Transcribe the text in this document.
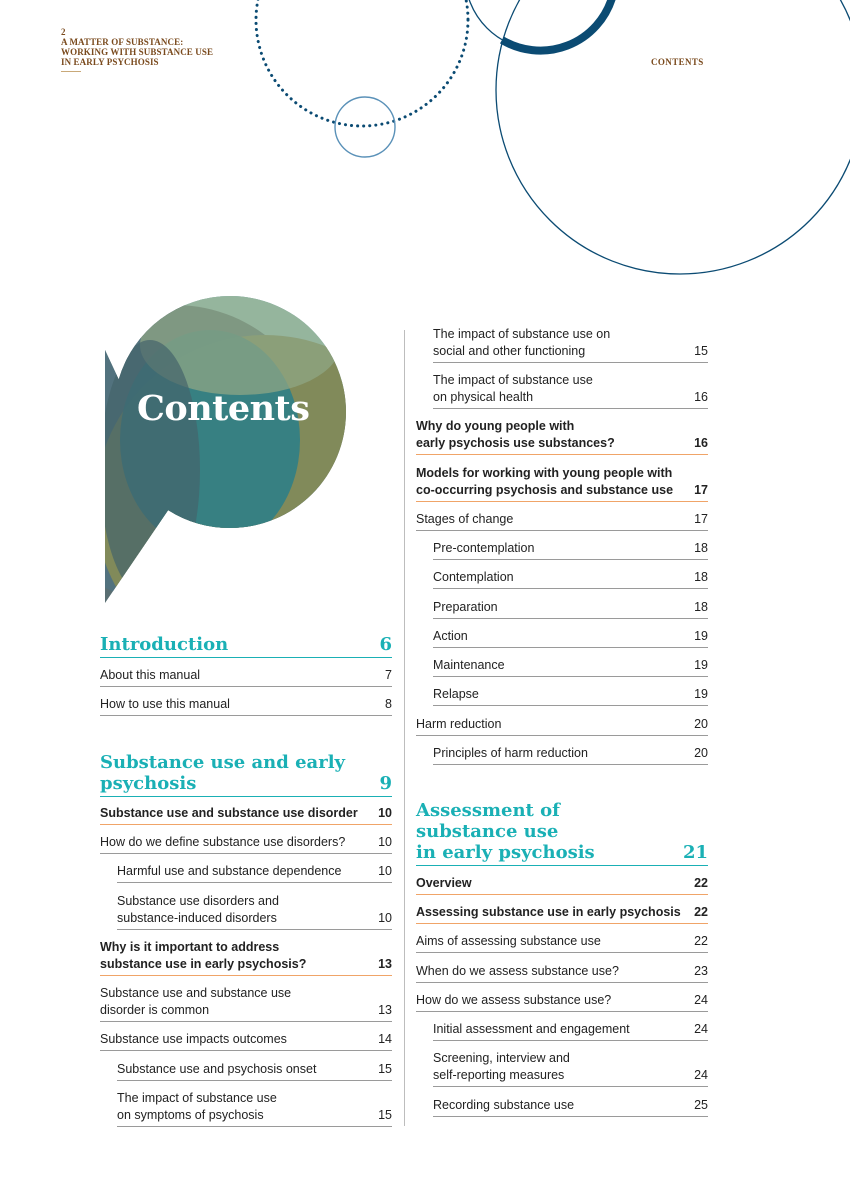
2
A MATTER OF SUBSTANCE:
WORKING WITH SUBSTANCE USE
IN EARLY PSYCHOSIS	CONTENTS
Contents
Introduction	6
About this manual	7
How to use this manual	8
Substance use and early
psychosis	9
Substance use and substance use disorder	10
How do we define substance use disorders?	10
Harmful use and substance dependence	10
Substance use disorders and
substance-induced disorders	10
Why is it important to address
substance use in early psychosis?	13
Substance use and substance use
disorder is common	13
Substance use impacts outcomes	14
Substance use and psychosis onset	15
The impact of substance use
on symptoms of psychosis	15
The impact of substance use on
social and other functioning	15
The impact of substance use
on physical health	16
Why do young people with
early psychosis use substances?	16
Models for working with young people with
co-occurring psychosis and substance use	17
Stages of change	17
Pre-contemplation	18
Contemplation	18
Preparation	18
Action	19
Maintenance	19
Relapse	19
Harm reduction	20
Principles of harm reduction	20
Assessment of
substance use
in early psychosis	21
Overview	22
Assessing substance use in early psychosis	22
Aims of assessing substance use	22
When do we assess substance use?	23
How do we assess substance use?	24
Initial assessment and engagement	24
Screening, interview and
self-reporting measures	24
Recording substance use	25
